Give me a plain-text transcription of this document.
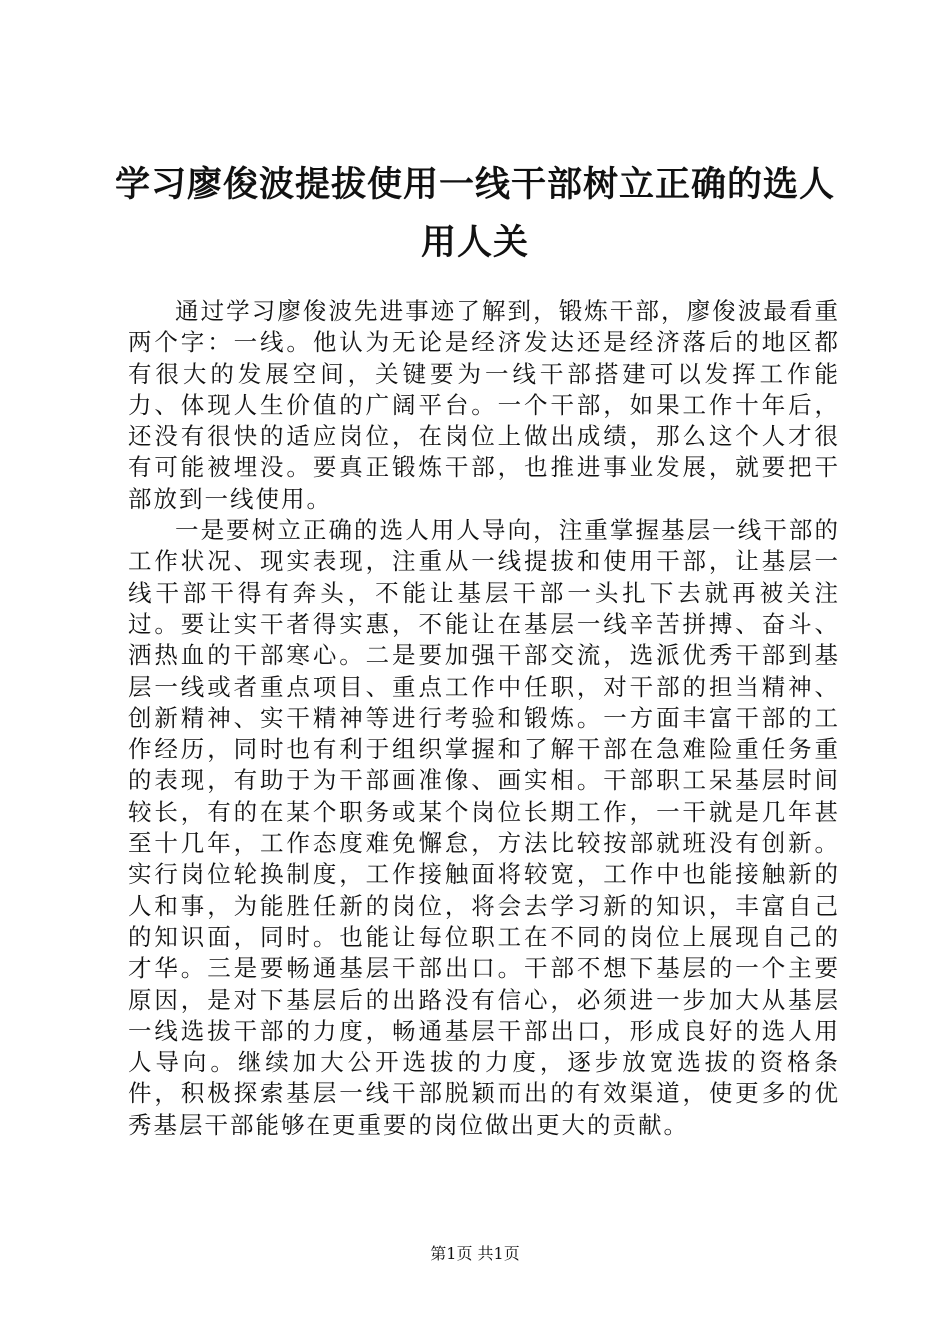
学习廖俊波提拔使用一线干部树立正确的选人用人关

通过学习廖俊波先进事迹了解到，锻炼干部，廖俊波最看重两个字：一线。他认为无论是经济发达还是经济落后的地区都有很大的发展空间，关键要为一线干部搭建可以发挥工作能力、体现人生价值的广阔平台。一个干部，如果工作十年后，还没有很快的适应岗位，在岗位上做出成绩，那么这个人才很有可能被埋没。要真正锻炼干部，也推进事业发展，就要把干部放到一线使用。

一是要树立正确的选人用人导向，注重掌握基层一线干部的工作状况、现实表现，注重从一线提拔和使用干部，让基层一线干部干得有奔头，不能让基层干部一头扎下去就再被关注过。要让实干者得实惠，不能让在基层一线辛苦拼搏、奋斗、洒热血的干部寒心。二是要加强干部交流，选派优秀干部到基层一线或者重点项目、重点工作中任职，对干部的担当精神、创新精神、实干精神等进行考验和锻炼。一方面丰富干部的工作经历，同时也有利于组织掌握和了解干部在急难险重任务重的表现，有助于为干部画准像、画实相。干部职工呆基层时间较长，有的在某个职务或某个岗位长期工作，一干就是几年甚至十几年，工作态度难免懈怠，方法比较按部就班没有创新。实行岗位轮换制度，工作接触面将较宽，工作中也能接触新的人和事，为能胜任新的岗位，将会去学习新的知识，丰富自己的知识面，同时。也能让每位职工在不同的岗位上展现自己的才华。三是要畅通基层干部出口。干部不想下基层的一个主要原因，是对下基层后的出路没有信心，必须进一步加大从基层一线选拔干部的力度，畅通基层干部出口，形成良好的选人用人导向。继续加大公开选拔的力度，逐步放宽选拔的资格条件，积极探索基层一线干部脱颖而出的有效渠道，使更多的优秀基层干部能够在更重要的岗位做出更大的贡献。

第1页 共1页
